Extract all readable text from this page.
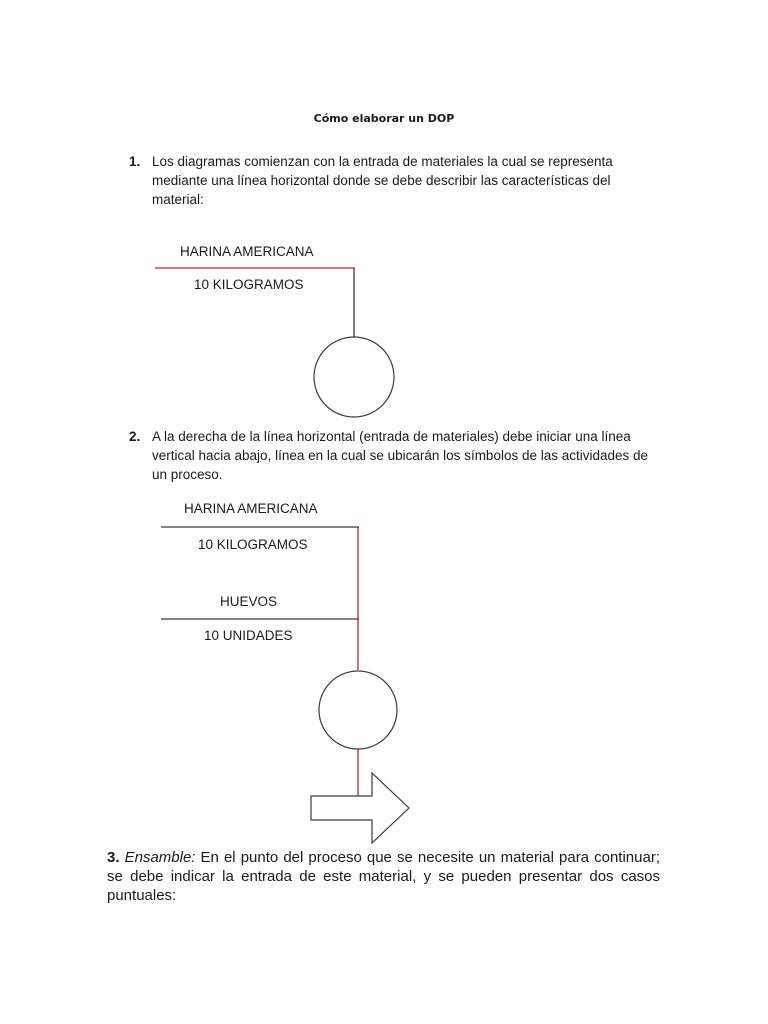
Cómo elaborar un DOP
1. Los diagramas comienzan con la entrada de materiales la cual se representa mediante una línea horizontal donde se debe describir las características del material:
2. A la derecha de la línea horizontal (entrada de materiales) debe iniciar una línea vertical hacia abajo, línea en la cual se ubicarán los símbolos de las actividades de un proceso.
3. Ensamble: En el punto del proceso que se necesite un material para continuar; se debe indicar la entrada de este material, y se pueden presentar dos casos puntuales:
HARINA AMERICANA
10 KILOGRAMOS
HARINA AMERICANA
10 KILOGRAMOS
HUEVOS
10 UNIDADES
